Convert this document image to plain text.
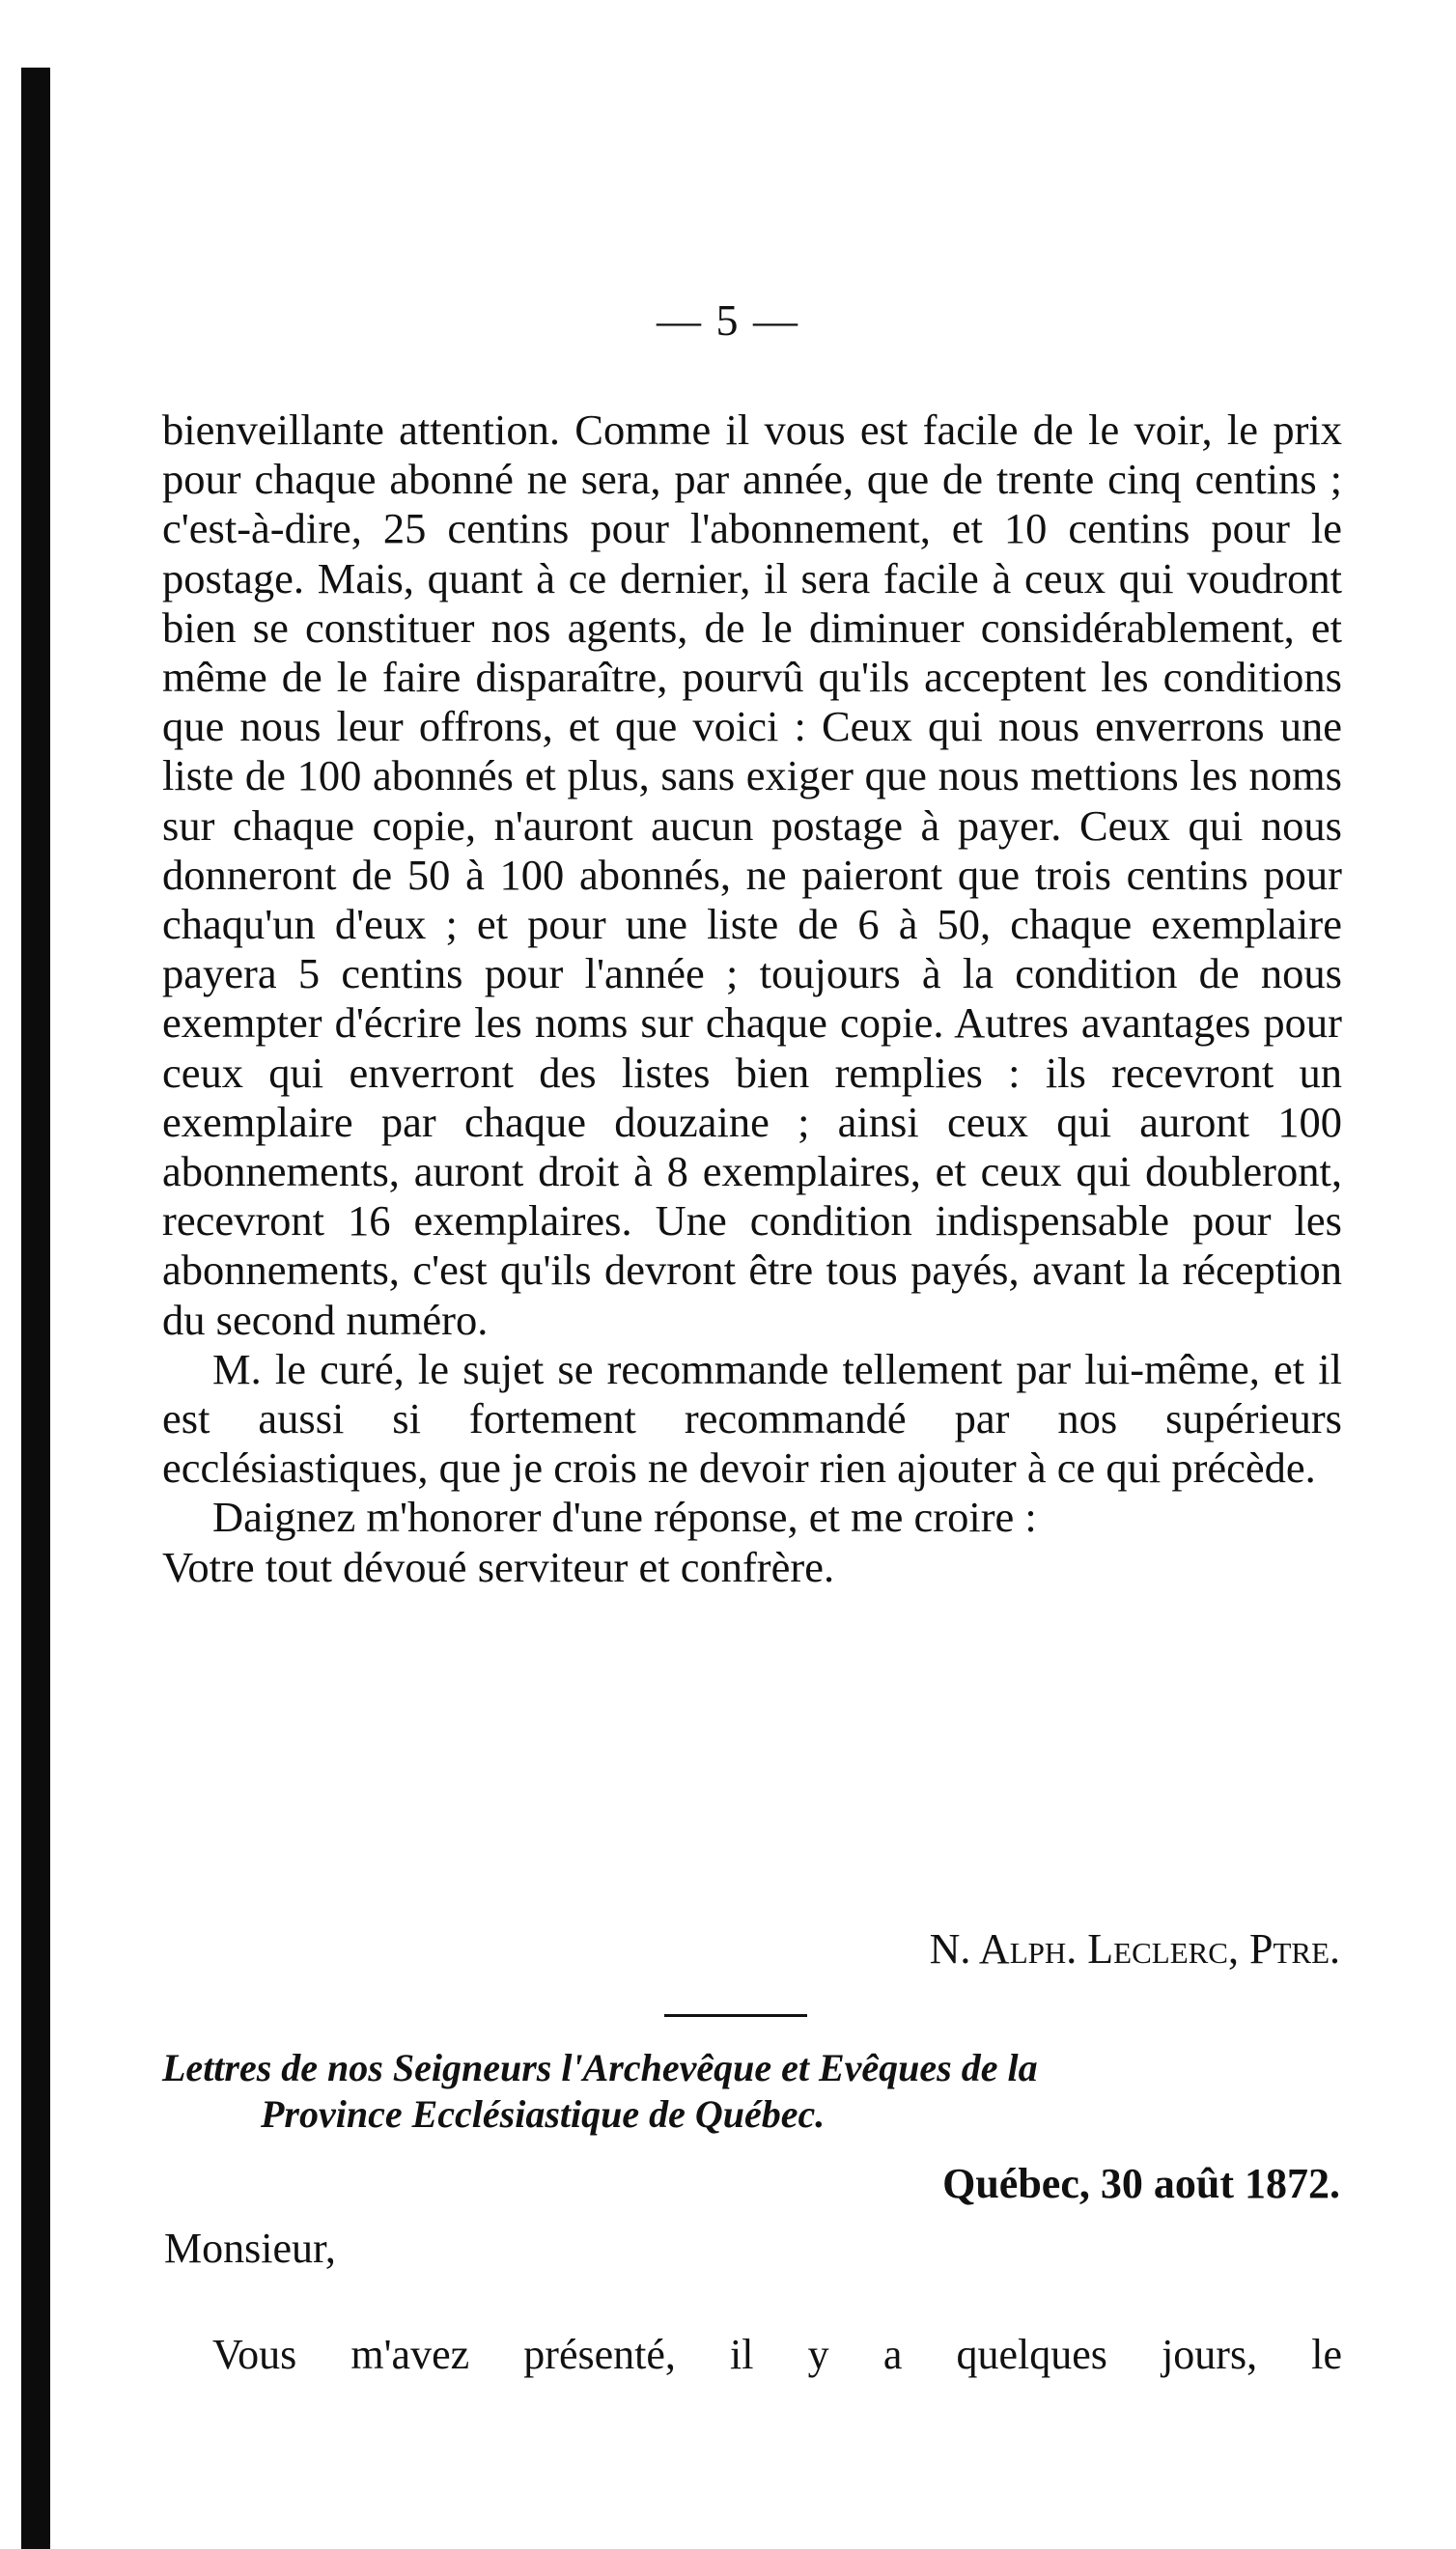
— 5 —

bienveillante attention. Comme il vous est facile de le voir, le prix pour chaque abonné ne sera, par année, que de trente cinq centins ; c'est-à-dire, 25 centins pour l'abonnement, et 10 centins pour le postage. Mais, quant à ce dernier, il sera facile à ceux qui voudront bien se constituer nos agents, de le diminuer considérablement, et même de le faire disparaître, pourvû qu'ils acceptent les conditions que nous leur offrons, et que voici : Ceux qui nous enverrons une liste de 100 abonnés et plus, sans exiger que nous mettions les noms sur chaque copie, n'auront aucun postage à payer. Ceux qui nous donneront de 50 à 100 abonnés, ne paieront que trois centins pour chaqu'un d'eux ; et pour une liste de 6 à 50, chaque exemplaire payera 5 centins pour l'année ; toujours à la condition de nous exempter d'écrire les noms sur chaque copie. Autres avantages pour ceux qui enverront des listes bien remplies : ils recevront un exemplaire par chaque douzaine ; ainsi ceux qui auront 100 abonnements, auront droit à 8 exemplaires, et ceux qui doubleront, recevront 16 exemplaires. Une condition indispensable pour les abonnements, c'est qu'ils devront être tous payés, avant la réception du second numéro.

M. le curé, le sujet se recommande tellement par lui-même, et il est aussi si fortement recommandé par nos supérieurs ecclésiastiques, que je crois ne devoir rien ajouter à ce qui précède.

Daignez m'honorer d'une réponse, et me croire :

Votre tout dévoué serviteur et confrère.

N. Alph. Leclerc, Ptre.
Lettres de nos Seigneurs l'Archevêque et Evêques de la
Province Ecclésiastique de Québec.
Québec, 30 août 1872.
Monsieur,
Vous m'avez présenté, il y a quelques jours, le
